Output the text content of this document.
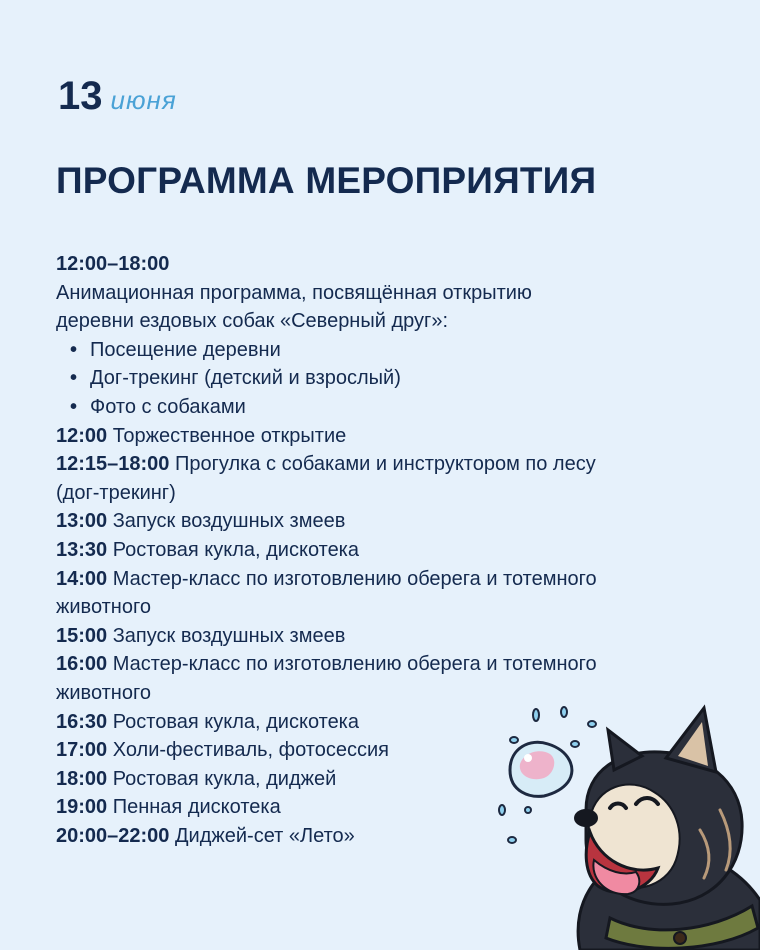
13 июня
ПРОГРАММА МЕРОПРИЯТИЯ
12:00–18:00
Анимационная программа, посвящённая открытию
деревни ездовых собак «Северный друг»:
• Посещение деревни
• Дог-трекинг (детский и взрослый)
• Фото с собаками
12:00 Торжественное открытие
12:15–18:00 Прогулка с собаками и инструктором по лесу
(дог-трекинг)
13:00 Запуск воздушных змеев
13:30 Ростовая кукла, дискотека
14:00 Мастер-класс по изготовлению оберега и тотемного
животного
15:00 Запуск воздушных змеев
16:00 Мастер-класс по изготовлению оберега и тотемного
животного
16:30 Ростовая кукла, дискотека
17:00 Холи-фестиваль, фотосессия
18:00 Ростовая кукла, диджей
19:00 Пенная дискотека
20:00–22:00 Диджей-сет «Лето»
